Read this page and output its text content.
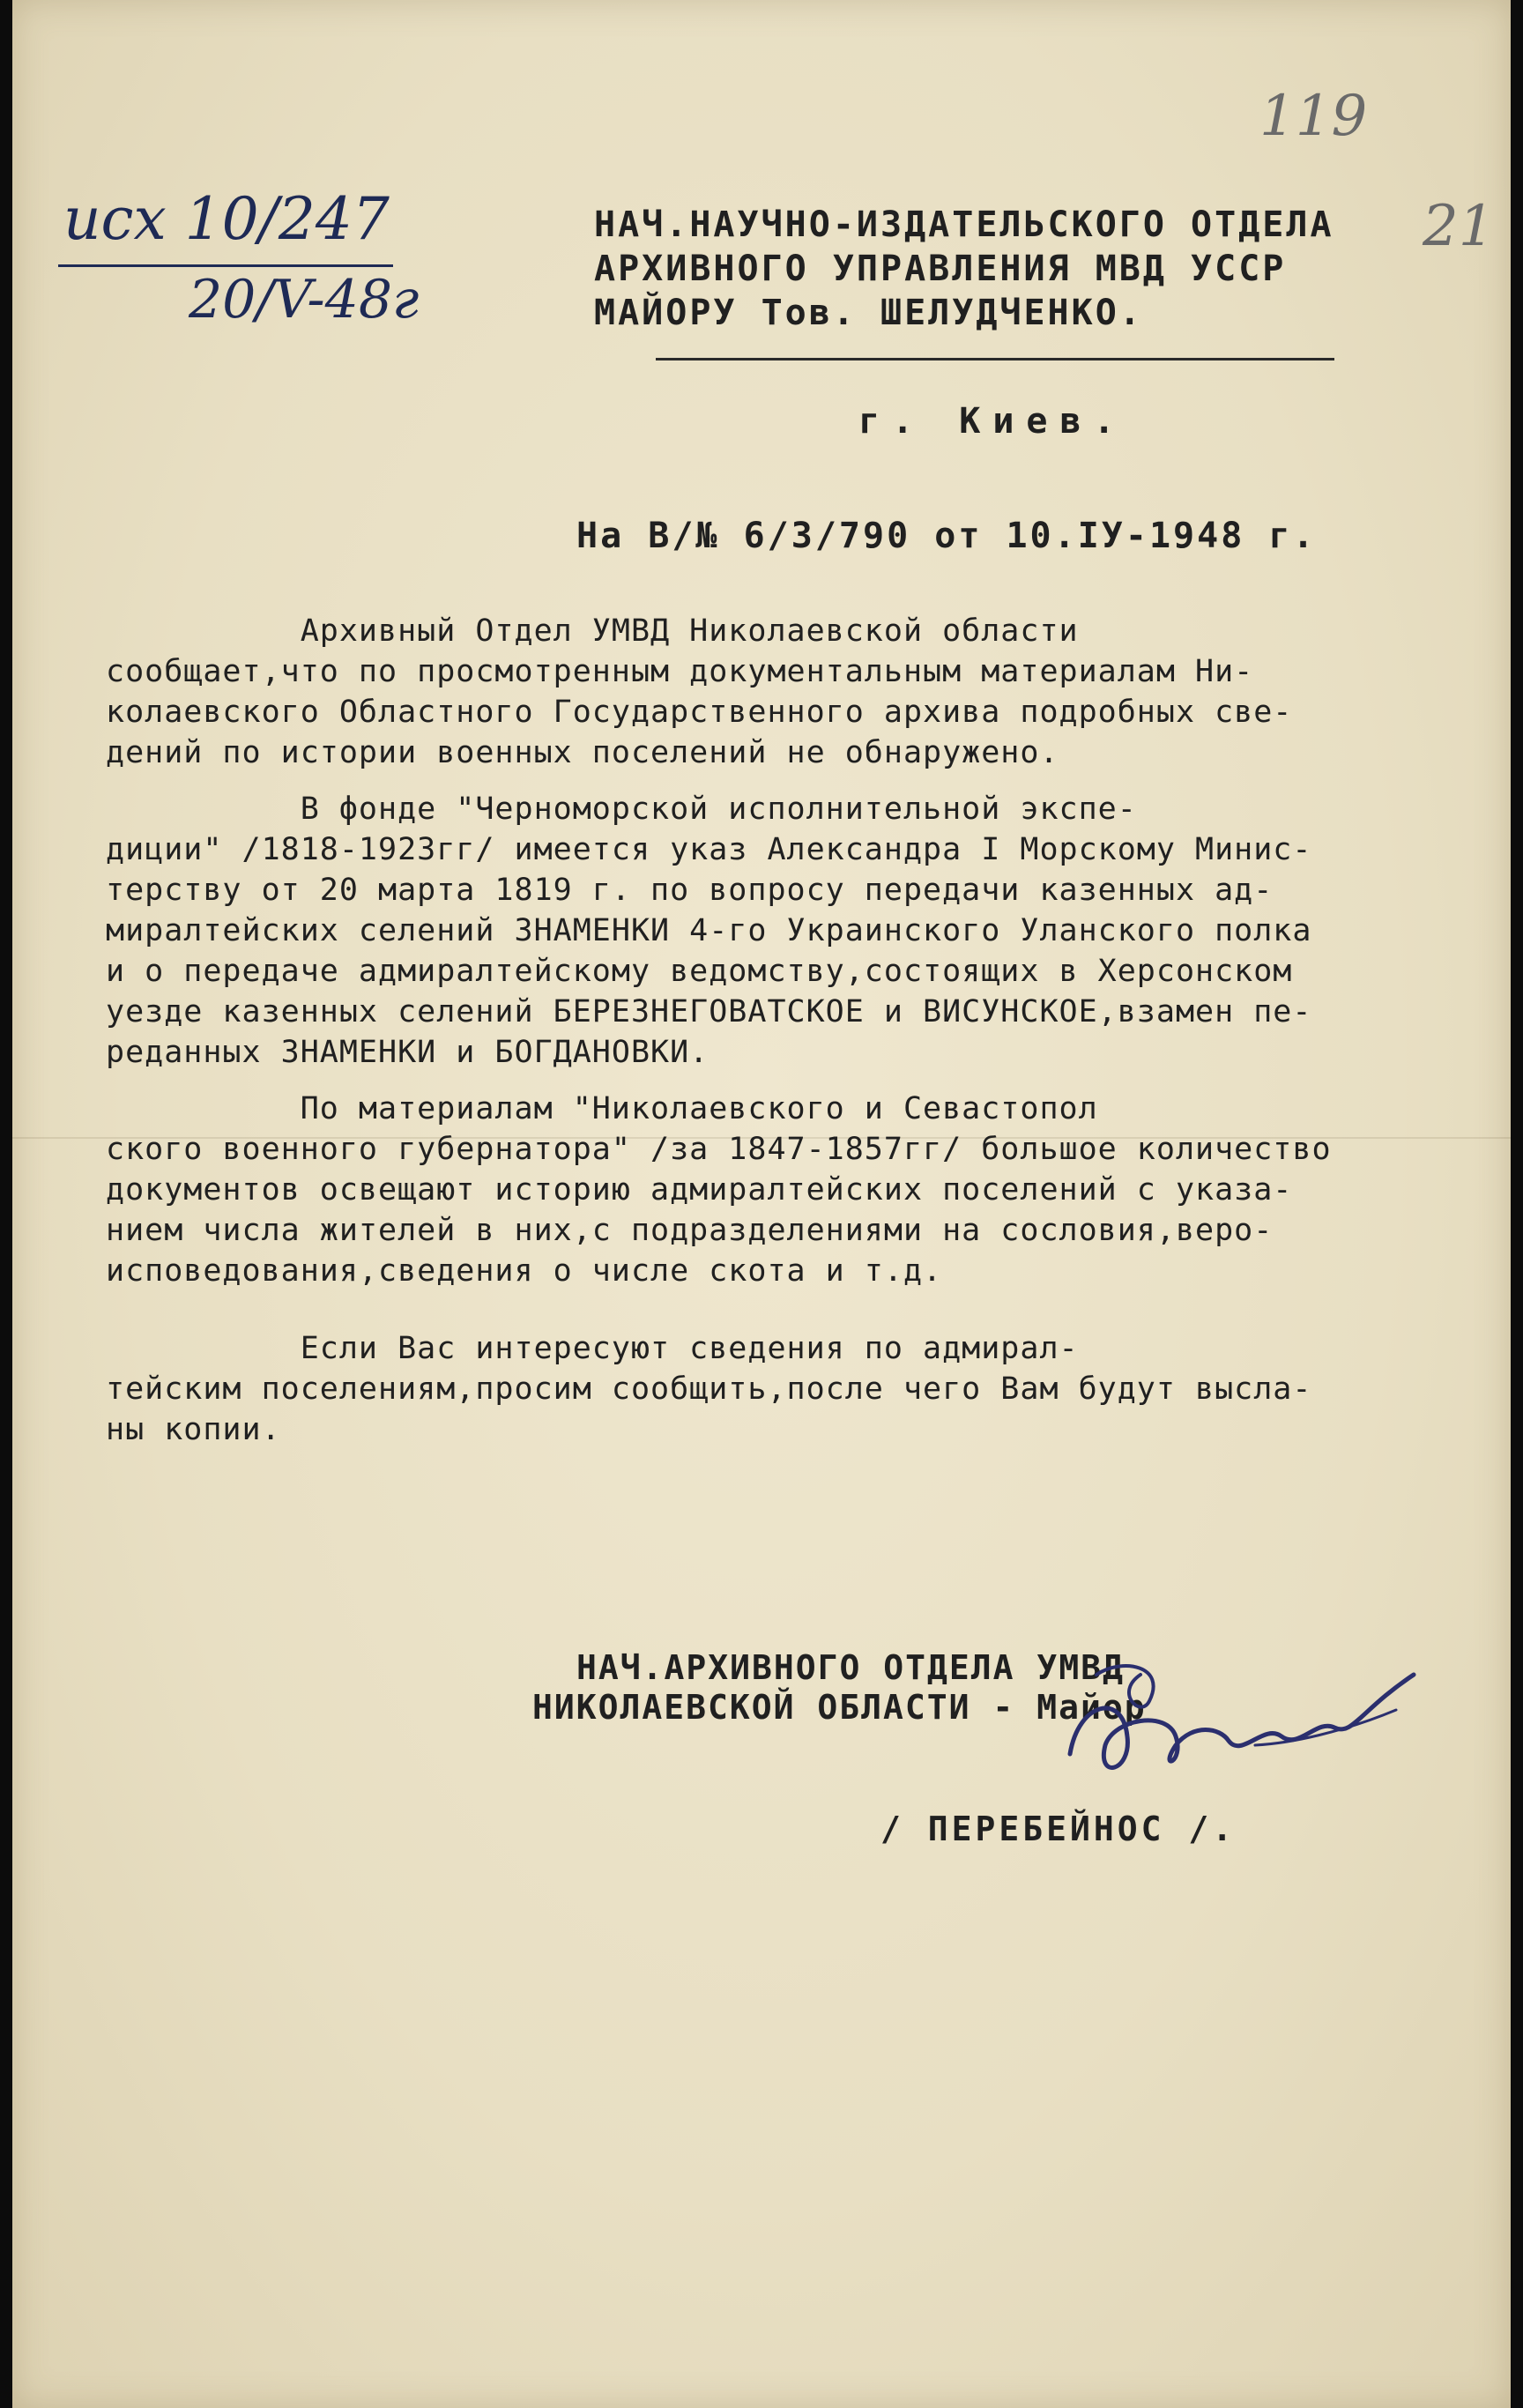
исх 10/247
20/V-48г
119
21
НАЧ.НАУЧНО-ИЗДАТЕЛЬСКОГО ОТДЕЛА
АРХИВНОГО УПРАВЛЕНИЯ МВД УССР
МАЙОРУ Тов. ШЕЛУДЧЕНКО.
г. Киев.
На В/№ 6/3/790 от 10.IУ-1948 г.
Архивный Отдел УМВД Николаевской области
сообщает,что по просмотренным документальным материалам Ни-
колаевского Областного Государственного архива подробных све-
дений по истории военных поселений не обнаружено.
В фонде "Черноморской исполнительной экспе-
диции" /1818-1923гг/ имеется указ Александра I Морскому Минис-
терству от 20 марта 1819 г. по вопросу передачи казенных ад-
миралтейских селений ЗНАМЕНКИ 4-го Украинского Уланского полка
и о передаче адмиралтейскому ведомству,состоящих в Херсонском
уезде казенных селений БЕРЕЗНЕГОВАТСКОЕ и ВИСУНСКОЕ,взамен пе-
реданных ЗНАМЕНКИ и БОГДАНОВКИ.
По материалам "Николаевского и Севастопол
ского военного губернатора" /за 1847-1857гг/ большое количество
документов освещают историю адмиралтейских поселений с указа-
нием числа жителей в них,с подразделениями на сословия,веро-
исповедования,сведения о числе скота и т.д.
Если Вас интересуют сведения по адмирал-
тейским поселениям,просим сообщить,после чего Вам будут высла-
ны копии.
НАЧ.АРХИВНОГО ОТДЕЛА УМВД
НИКОЛАЕВСКОЙ ОБЛАСТИ - Майор
/ ПЕРЕБЕЙНОС /.
